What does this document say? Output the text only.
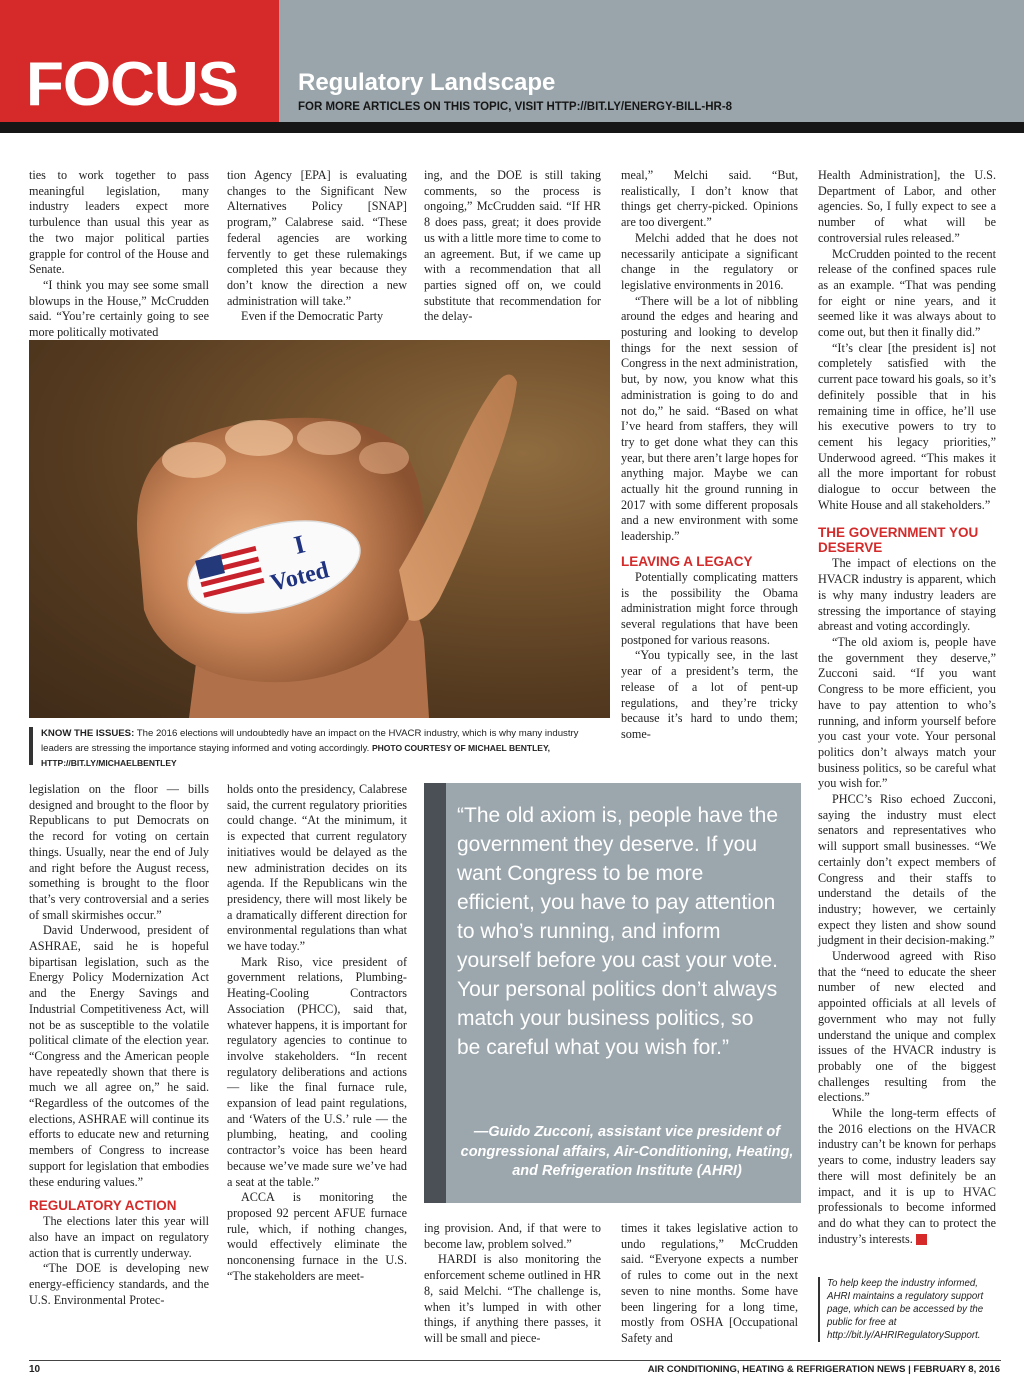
FOCUS	Regulatory Landscape
FOR MORE ARTICLES ON THIS TOPIC, VISIT HTTP://BIT.LY/ENERGY-BILL-HR-8

ties to work together to pass meaningful legislation, many industry leaders expect more turbulence than usual this year as the two major political parties grapple for control of the House and Senate.

“I think you may see some small blowups in the House,” McCrudden said. “You’re certainly going to see more politically motivated

tion Agency [EPA] is evaluating changes to the Significant New Alternatives Policy [SNAP] program,” Calabrese said. “These federal agencies are working fervently to get these rulemakings completed this year because they don’t know the direction a new administration will take.”

Even if the Democratic Party

ing, and the DOE is still taking comments, so the process is ongoing,” McCrudden said. “If HR 8 does pass, great; it does provide us with a little more time to come to an agreement. But, if we came up with a recommendation that all parties signed off on, we could substitute that recommendation for the delay-

meal,” Melchi said. “But, realistically, I don’t know that things get cherry-picked. Opinions are too divergent.”

Melchi added that he does not necessarily anticipate a significant change in the regulatory or legislative environments in 2016.

“There will be a lot of nibbling around the edges and hearing and posturing and looking to develop things for the next session of Congress in the next administration, but, by now, you know what this administration is going to do and not do,” he said. “Based on what I’ve heard from staffers, they will try to get done what they can this year, but there aren’t large hopes for anything major. Maybe we can actually hit the ground running in 2017 with some different proposals and a new environment with some leadership.”

LEAVING A LEGACY

Potentially complicating matters is the possibility the Obama administration might force through several regulations that have been postponed for various reasons.

“You typically see, in the last year of a president’s term, the release of a lot of pent-up regulations, and they’re tricky because it’s hard to undo them; some-

Health Administration], the U.S. Department of Labor, and other agencies. So, I fully expect to see a number of what will be controversial rules released.”

McCrudden pointed to the recent release of the confined spaces rule as an example. “That was pending for eight or nine years, and it seemed like it was always about to come out, but then it finally did.”

“It’s clear [the president is] not completely satisfied with the current pace toward his goals, so it’s definitely possible that in his remaining time in office, he’ll use his executive powers to try to cement his legacy priorities,” Underwood agreed. “This makes it all the more important for robust dialogue to occur between the White House and all stakeholders.”

THE GOVERNMENT YOU DESERVE

The impact of elections on the HVACR industry is apparent, which is why many industry leaders are stressing the importance of staying abreast and voting accordingly.

“The old axiom is, people have the government they deserve,” Zucconi said. “If you want Congress to be more efficient, you have to pay attention to who’s running, and inform yourself before you cast your vote. Your personal politics don’t always match your business politics, so be careful what you wish for.”

PHCC’s Riso echoed Zucconi, saying the industry must elect senators and representatives who will support small businesses. “We certainly don’t expect members of Congress and their staffs to understand the details of the industry; however, we certainly expect they listen and show sound judgment in their decision-making.”

Underwood agreed with Riso that the “need to educate the sheer number of new elected and appointed officials at all levels of government who may not fully understand the unique and complex issues of the HVACR industry is probably one of the biggest challenges resulting from the elections.”

While the long-term effects of the 2016 elections on the HVACR industry can’t be known for perhaps years to come, industry leaders say there will most definitely be an impact, and it is up to HVAC professionals to become informed and do what they can to protect the industry’s interests. N

I
Voted
KNOW THE ISSUES: The 2016 elections will undoubtedly have an impact on the HVACR industry, which is why many industry leaders are stressing the importance staying informed and voting accordingly. PHOTO COURTESY OF MICHAEL BENTLEY, HTTP://BIT.LY/MICHAELBENTLEY

legislation on the floor — bills designed and brought to the floor by Republicans to put Democrats on the record for voting on certain things. Usually, near the end of July and right before the August recess, something is brought to the floor that’s very controversial and a series of small skirmishes occur.”

David Underwood, president of ASHRAE, said he is hopeful bipartisan legislation, such as the Energy Policy Modernization Act and the Energy Savings and Industrial Competitiveness Act, will not be as susceptible to the volatile political climate of the election year. “Congress and the American people have repeatedly shown that there is much we all agree on,” he said. “Regardless of the outcomes of the elections, ASHRAE will continue its efforts to educate new and returning members of Congress to increase support for legislation that embodies these enduring values.”

REGULATORY ACTION

The elections later this year will also have an impact on regulatory action that is currently underway.

“The DOE is developing new energy-efficiency standards, and the U.S. Environmental Protec-

holds onto the presidency, Calabrese said, the current regulatory priorities could change. “At the minimum, it is expected that current regulatory initiatives would be delayed as the new administration decides on its agenda. If the Republicans win the presidency, there will most likely be a dramatically different direction for environmental regulations than what we have today.”

Mark Riso, vice president of government relations, Plumbing-Heating-Cooling Contractors Association (PHCC), said that, whatever happens, it is important for regulatory agencies to continue to involve stakeholders. “In recent regulatory deliberations and actions — like the final furnace rule, expansion of lead paint regulations, and ‘Waters of the U.S.’ rule — the plumbing, heating, and cooling contractor’s voice has been heard because we’ve made sure we’ve had a seat at the table.”

ACCA is monitoring the proposed 92 percent AFUE furnace rule, which, if nothing changes, would effectively eliminate the nonconensing furnace in the U.S. “The stakeholders are meet-

“The old axiom is, people have the government they deserve. If you want Congress to be more efficient, you have to pay attention to who’s running, and inform yourself before you cast your vote. Your personal politics don’t always match your business politics, so be careful what you wish for.”
—Guido Zucconi, assistant vice president of congressional affairs, Air-Conditioning, Heating, and Refrigeration Institute (AHRI)

ing provision. And, if that were to become law, problem solved.”

HARDI is also monitoring the enforcement scheme outlined in HR 8, said Melchi. “The challenge is, when it’s lumped in with other things, if anything there passes, it will be small and piece-

times it takes legislative action to undo regulations,” McCrudden said. “Everyone expects a number of rules to come out in the next seven to nine months. Some have been lingering for a long time, mostly from OSHA [Occupational Safety and

To help keep the industry informed, AHRI maintains a regulatory support page, which can be accessed by the public for free at http://bit.ly/AHRIRegulatorySupport.
10	AIR CONDITIONING, HEATING & REFRIGERATION NEWS | FEBRUARY 8, 2016
